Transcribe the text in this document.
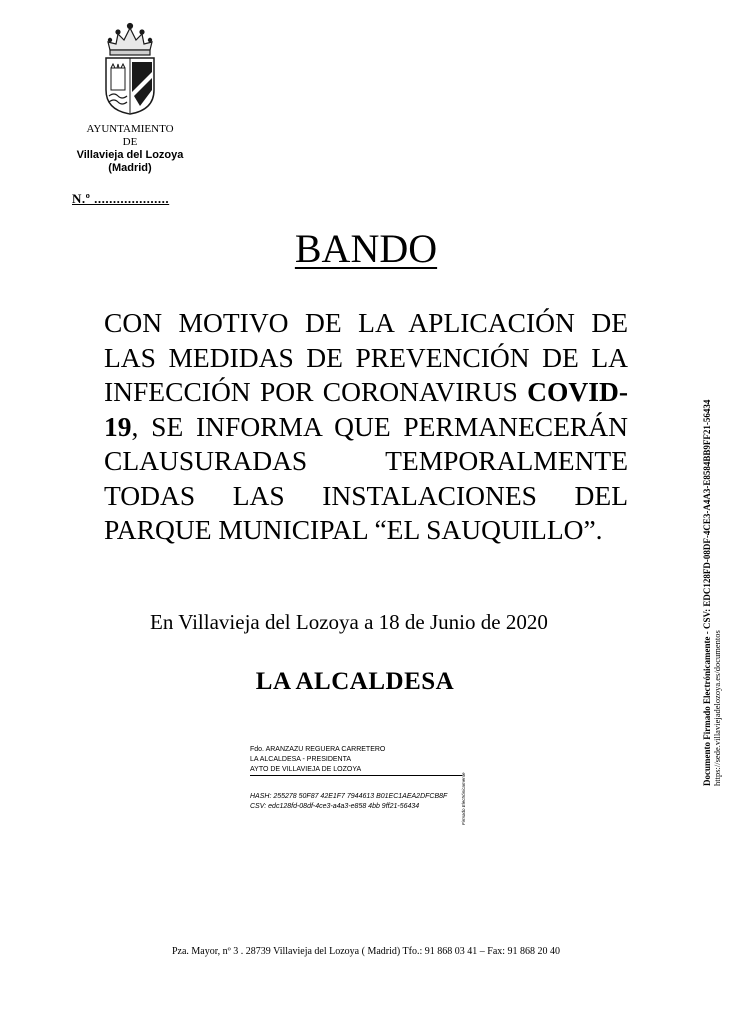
AYUNTAMIENTO
DE
Villavieja del Lozoya
(Madrid)
N.º ....................
BANDO
CON MOTIVO DE LA APLICACIÓN DE LAS MEDIDAS DE PREVENCIÓN DE LA INFECCIÓN POR CORONAVIRUS COVID-19, SE INFORMA QUE PERMANECERÁN CLAUSURADAS TEMPORALMENTE TODAS LAS INSTALACIONES DEL PARQUE MUNICIPAL “EL SAUQUILLO”.
En Villavieja del Lozoya a 18 de Junio de 2020
LA ALCALDESA
Fdo. ARANZAZU REGUERA CARRETERO
LA ALCALDESA - PRESIDENTA
AYTO DE VILLAVIEJA DE LOZOYA
HASH: 255278 50F87 42E1F7 7944613 B01EC1AEA2DFCB8F
CSV: edc128fd-08df-4ce3-a4a3-e858 4bb 9ff21-56434	Firmado Electrónicamente
Documento Firmado Electrónicamente - CSV: EDC128FD-08DF-4CE3-A4A3-E8584BB9FF21-56434 https://sede.villaviejadelozoya.es/documentos
Pza. Mayor, nº 3 . 28739 Villavieja del Lozoya ( Madrid) Tfo.: 91 868 03 41 – Fax: 91 868 20 40
